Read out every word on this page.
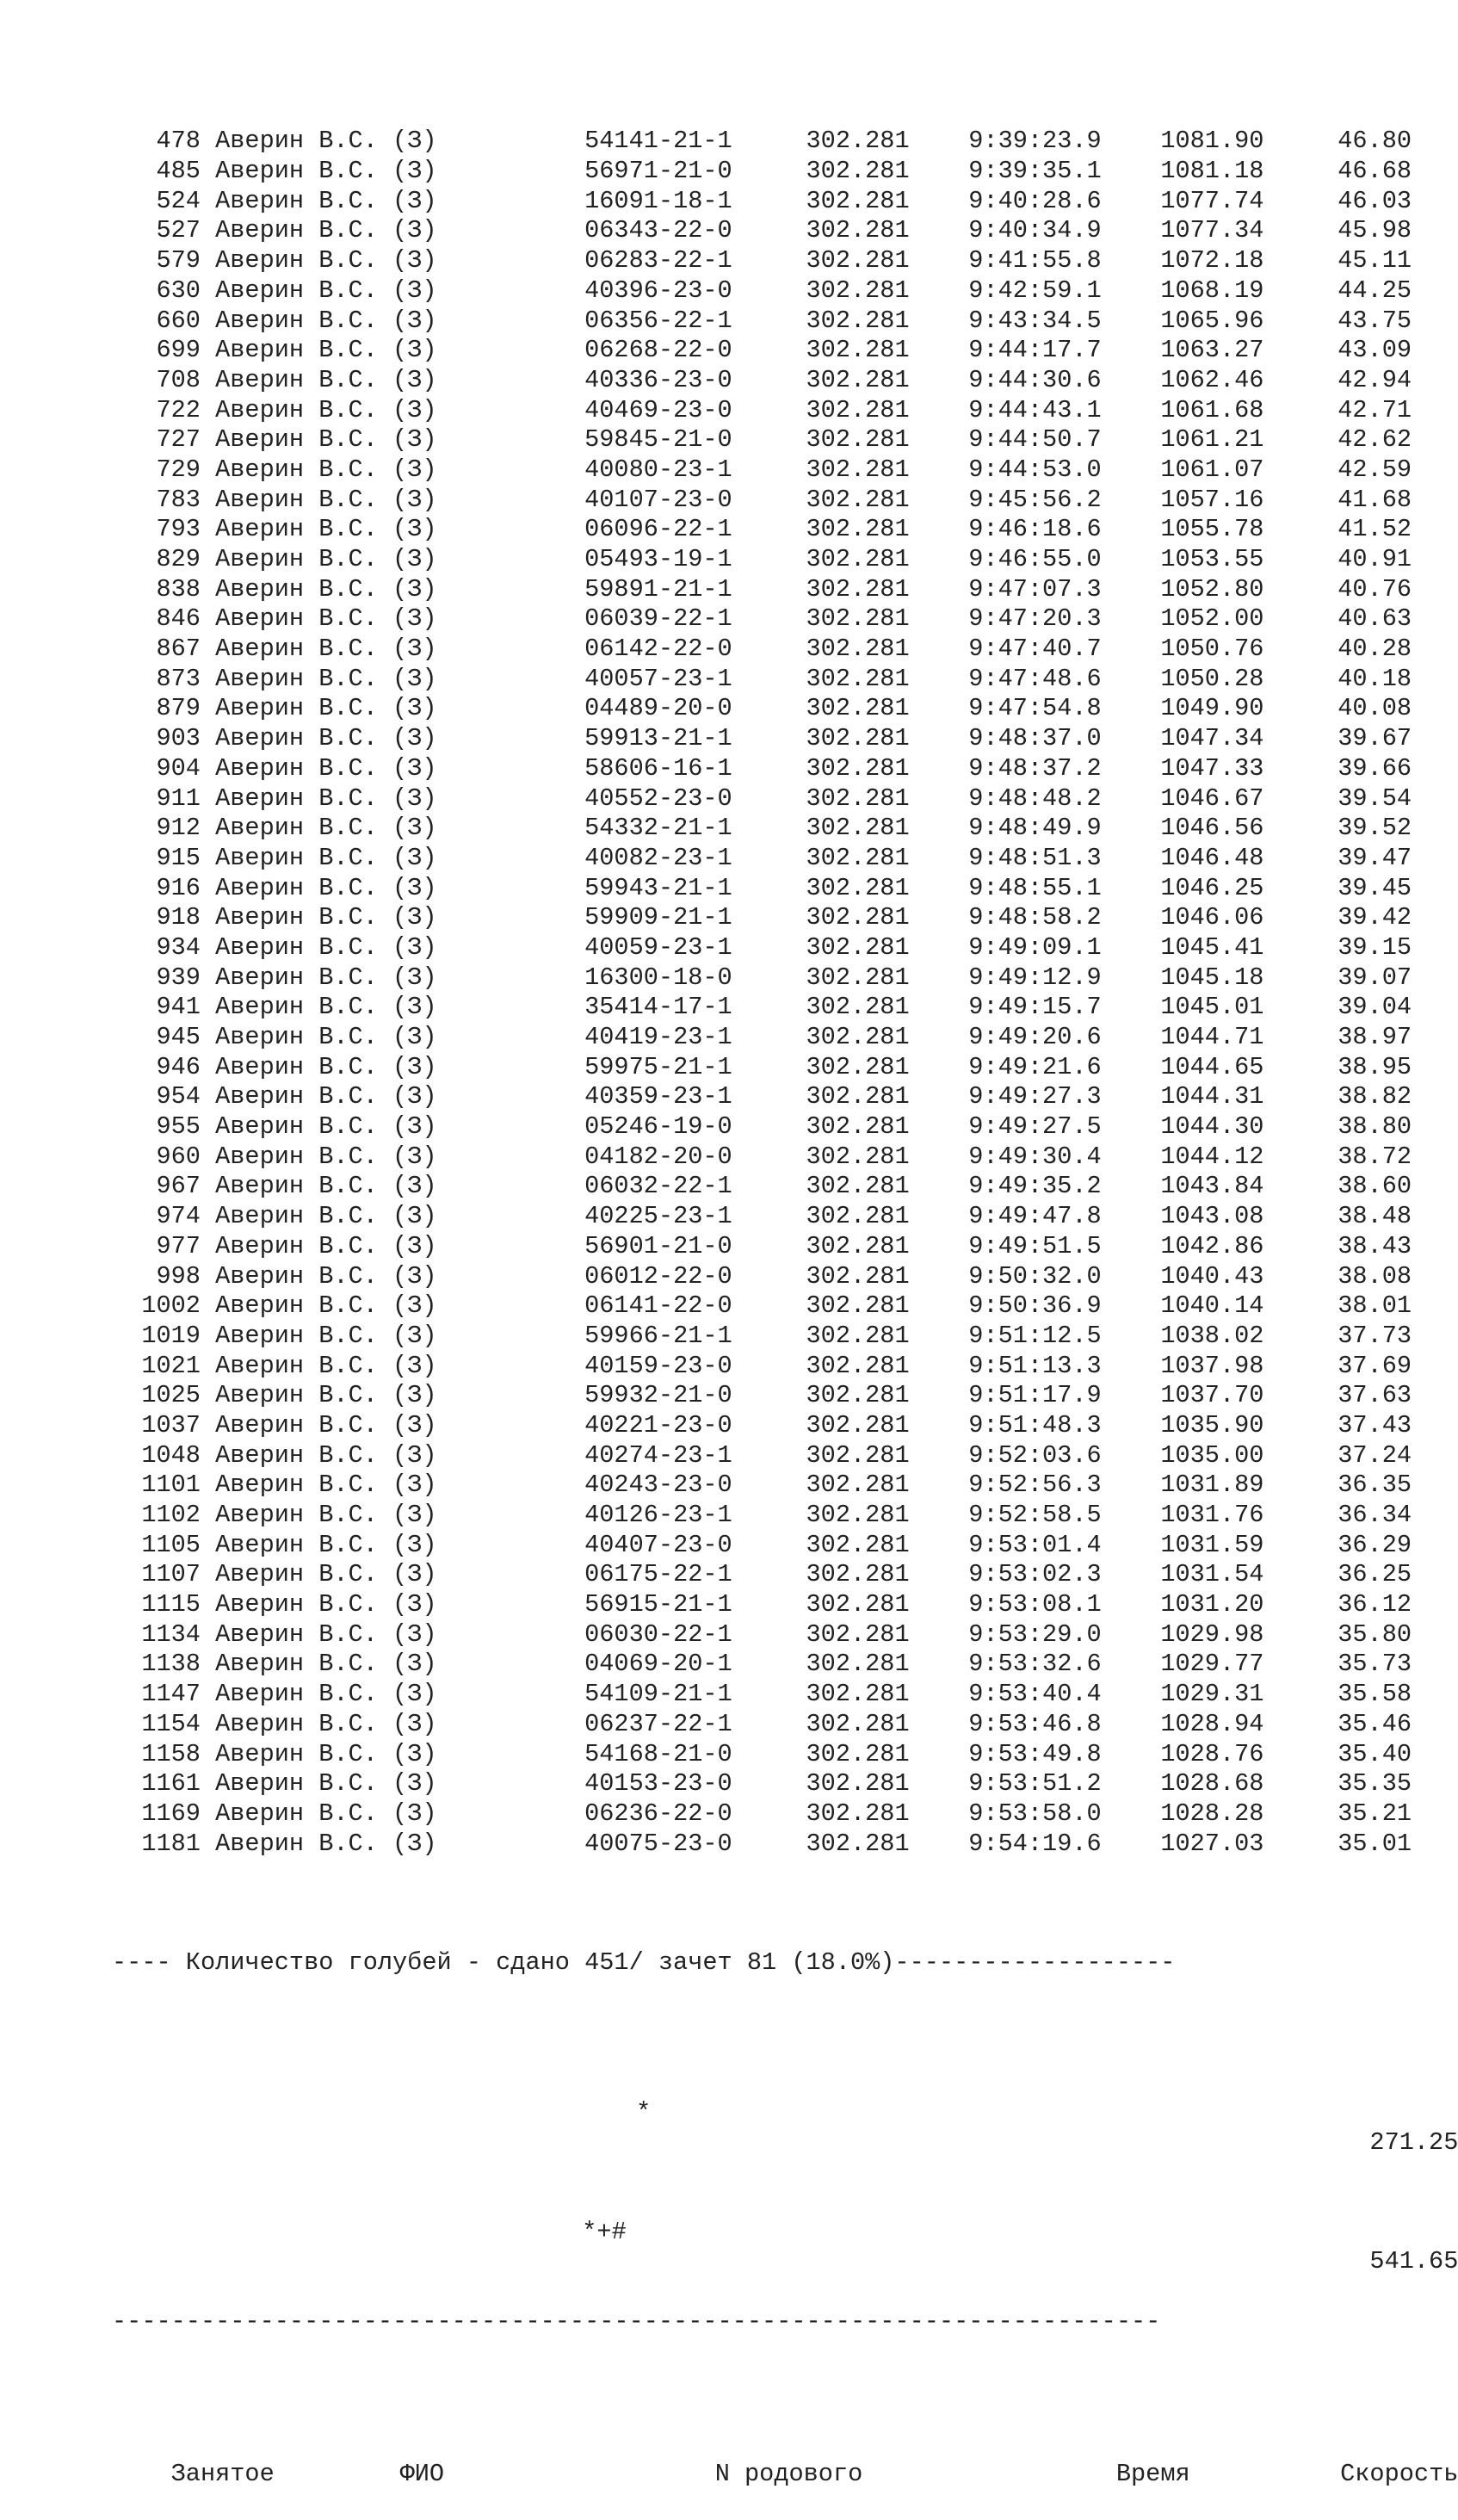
478 Аверин В.С. (З)	54141-21-1	302.281 9:39:23.9 1081.90	46.80
485 Аверин В.С. (З)	56971-21-0	302.281 9:39:35.1 1081.18	46.68
524 Аверин В.С. (З)	16091-18-1	302.281 9:40:28.6 1077.74	46.03
527 Аверин В.С. (З)	06343-22-0	302.281 9:40:34.9 1077.34	45.98
579 Аверин В.С. (З)	06283-22-1	302.281 9:41:55.8 1072.18	45.11
630 Аверин В.С. (З)	40396-23-0	302.281 9:42:59.1 1068.19	44.25
660 Аверин В.С. (З)	06356-22-1	302.281 9:43:34.5 1065.96	43.75
699 Аверин В.С. (З)	06268-22-0	302.281 9:44:17.7 1063.27	43.09
708 Аверин В.С. (З)	40336-23-0	302.281 9:44:30.6 1062.46	42.94
722 Аверин В.С. (З)	40469-23-0	302.281 9:44:43.1 1061.68	42.71
727 Аверин В.С. (З)	59845-21-0	302.281 9:44:50.7 1061.21	42.62
729 Аверин В.С. (З)	40080-23-1	302.281 9:44:53.0 1061.07	42.59
783 Аверин В.С. (З)	40107-23-0	302.281 9:45:56.2 1057.16	41.68
793 Аверин В.С. (З)	06096-22-1	302.281 9:46:18.6 1055.78	41.52
829 Аверин В.С. (З)	05493-19-1	302.281 9:46:55.0 1053.55	40.91
838 Аверин В.С. (З)	59891-21-1	302.281 9:47:07.3 1052.80	40.76
846 Аверин В.С. (З)	06039-22-1	302.281 9:47:20.3 1052.00	40.63
867 Аверин В.С. (З)	06142-22-0	302.281 9:47:40.7 1050.76	40.28
873 Аверин В.С. (З)	40057-23-1	302.281 9:47:48.6 1050.28	40.18
879 Аверин В.С. (З)	04489-20-0	302.281 9:47:54.8 1049.90	40.08
903 Аверин В.С. (З)	59913-21-1	302.281 9:48:37.0 1047.34	39.67
904 Аверин В.С. (З)	58606-16-1	302.281 9:48:37.2 1047.33	39.66
911 Аверин В.С. (З)	40552-23-0	302.281 9:48:48.2 1046.67	39.54
912 Аверин В.С. (З)	54332-21-1	302.281 9:48:49.9 1046.56	39.52
915 Аверин В.С. (З)	40082-23-1	302.281 9:48:51.3 1046.48	39.47
916 Аверин В.С. (З)	59943-21-1	302.281 9:48:55.1 1046.25	39.45
918 Аверин В.С. (З)	59909-21-1	302.281 9:48:58.2 1046.06	39.42
934 Аверин В.С. (З)	40059-23-1	302.281 9:49:09.1 1045.41	39.15
939 Аверин В.С. (З)	16300-18-0	302.281 9:49:12.9 1045.18	39.07
941 Аверин В.С. (З)	35414-17-1	302.281 9:49:15.7 1045.01	39.04
945 Аверин В.С. (З)	40419-23-1	302.281 9:49:20.6 1044.71	38.97
946 Аверин В.С. (З)	59975-21-1	302.281 9:49:21.6 1044.65	38.95
954 Аверин В.С. (З)	40359-23-1	302.281 9:49:27.3 1044.31	38.82
955 Аверин В.С. (З)	05246-19-0	302.281 9:49:27.5 1044.30	38.80
960 Аверин В.С. (З)	04182-20-0	302.281 9:49:30.4 1044.12	38.72
967 Аверин В.С. (З)	06032-22-1	302.281 9:49:35.2 1043.84	38.60
974 Аверин В.С. (З)	40225-23-1	302.281 9:49:47.8 1043.08	38.48
977 Аверин В.С. (З)	56901-21-0	302.281 9:49:51.5 1042.86	38.43
998 Аверин В.С. (З)	06012-22-0	302.281 9:50:32.0 1040.43	38.08
1002 Аверин В.С. (З)	06141-22-0	302.281 9:50:36.9 1040.14	38.01
1019 Аверин В.С. (З)	59966-21-1	302.281 9:51:12.5 1038.02	37.73
1021 Аверин В.С. (З)	40159-23-0	302.281 9:51:13.3 1037.98	37.69
1025 Аверин В.С. (З)	59932-21-0	302.281 9:51:17.9 1037.70	37.63
1037 Аверин В.С. (З)	40221-23-0	302.281 9:51:48.3 1035.90	37.43
1048 Аверин В.С. (З)	40274-23-1	302.281 9:52:03.6 1035.00	37.24
1101 Аверин В.С. (З)	40243-23-0	302.281 9:52:56.3 1031.89	36.35
1102 Аверин В.С. (З)	40126-23-1	302.281 9:52:58.5 1031.76	36.34
1105 Аверин В.С. (З)	40407-23-0	302.281 9:53:01.4 1031.59	36.29
1107 Аверин В.С. (З)	06175-22-1	302.281 9:53:02.3 1031.54	36.25
1115 Аверин В.С. (З)	56915-21-1	302.281 9:53:08.1 1031.20	36.12
1134 Аверин В.С. (З)	06030-22-1	302.281 9:53:29.0 1029.98	35.80
1138 Аверин В.С. (З)	04069-20-1	302.281 9:53:32.6 1029.77	35.73
1147 Аверин В.С. (З)	54109-21-1	302.281 9:53:40.4 1029.31	35.58
1154 Аверин В.С. (З)	06237-22-1	302.281 9:53:46.8 1028.94	35.46
1158 Аверин В.С. (З)	54168-21-0	302.281 9:53:49.8 1028.76	35.40
1161 Аверин В.С. (З)	40153-23-0	302.281 9:53:51.2 1028.68	35.35
1169 Аверин В.С. (З)	06236-22-0	302.281 9:53:58.0 1028.28	35.21
1181 Аверин В.С. (З)	40075-23-0	302.281 9:54:19.6 1027.03	35.01

---- Количество голубей - сдано 451/ зачет 81 (18.0%)-------------------

*

271.25

*+#

541.65

-----------------------------------------------------------------------

Занятое	ФИО	N родового	Время	Скорость
